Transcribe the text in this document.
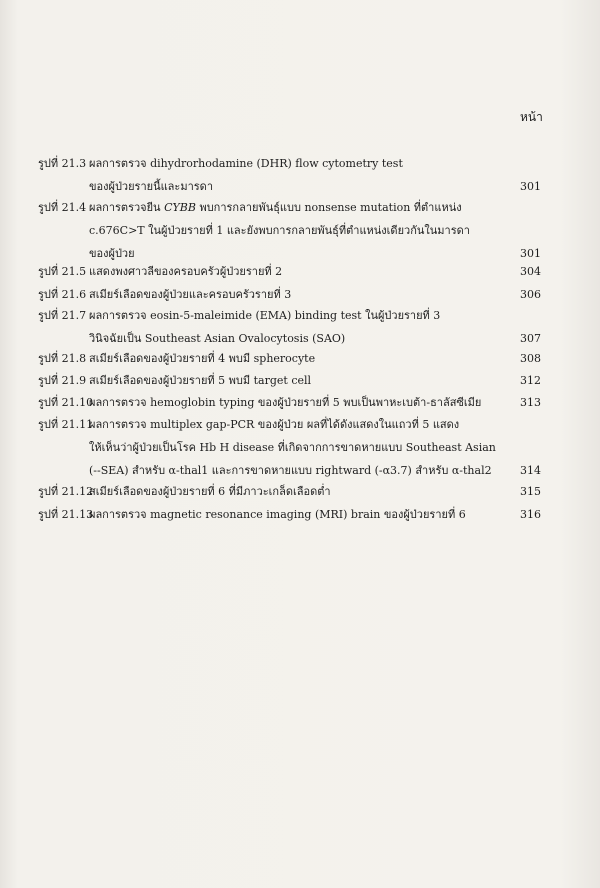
หน้า
รูปที่ 21.3 ผลการตรวจ dihydrorhodamine (DHR) flow cytometry test
ของผู้ป่วยรายนี้และมารดา	301
รูปที่ 21.4 ผลการตรวจยีน CYBB พบการกลายพันธุ์แบบ nonsense mutation ที่ตำแหน่ง
c.676C>T ในผู้ป่วยรายที่ 1 และยังพบการกลายพันธุ์ที่ตำแหน่งเดียวกันในมารดา
ของผู้ป่วย	301
รูปที่ 21.5 แสดงพงศาวลีของครอบครัวผู้ป่วยรายที่ 2	304
รูปที่ 21.6 สเมียร์เลือดของผู้ป่วยและครอบครัวรายที่ 3	306
รูปที่ 21.7 ผลการตรวจ eosin-5-maleimide (EMA) binding test ในผู้ป่วยรายที่ 3
วินิจฉัยเป็น Southeast Asian Ovalocytosis (SAO)	307
รูปที่ 21.8 สเมียร์เลือดของผู้ป่วยรายที่ 4 พบมี spherocyte	308
รูปที่ 21.9 สเมียร์เลือดของผู้ป่วยรายที่ 5 พบมี target cell	312
รูปที่ 21.10
ผลการตรวจ hemoglobin typing ของผู้ป่วยรายที่ 5 พบเป็นพาหะเบต้า-ธาลัสซีเมีย	313
รูปที่ 21.11
ผลการตรวจ multiplex gap-PCR ของผู้ป่วย ผลที่ได้ดังแสดงในแถวที่ 5 แสดง
ให้เห็นว่าผู้ป่วยเป็นโรค Hb H disease ที่เกิดจากการขาดหายแบบ Southeast Asian
(--SEA) สำหรับ α-thal1 และการขาดหายแบบ rightward (-α3.7) สำหรับ α-thal2	314
รูปที่ 21.12
สเมียร์เลือดของผู้ป่วยรายที่ 6 ที่มีภาวะเกล็ดเลือดต่ำ	315
รูปที่ 21.13
ผลการตรวจ magnetic resonance imaging (MRI) brain ของผู้ป่วยรายที่ 6	316
